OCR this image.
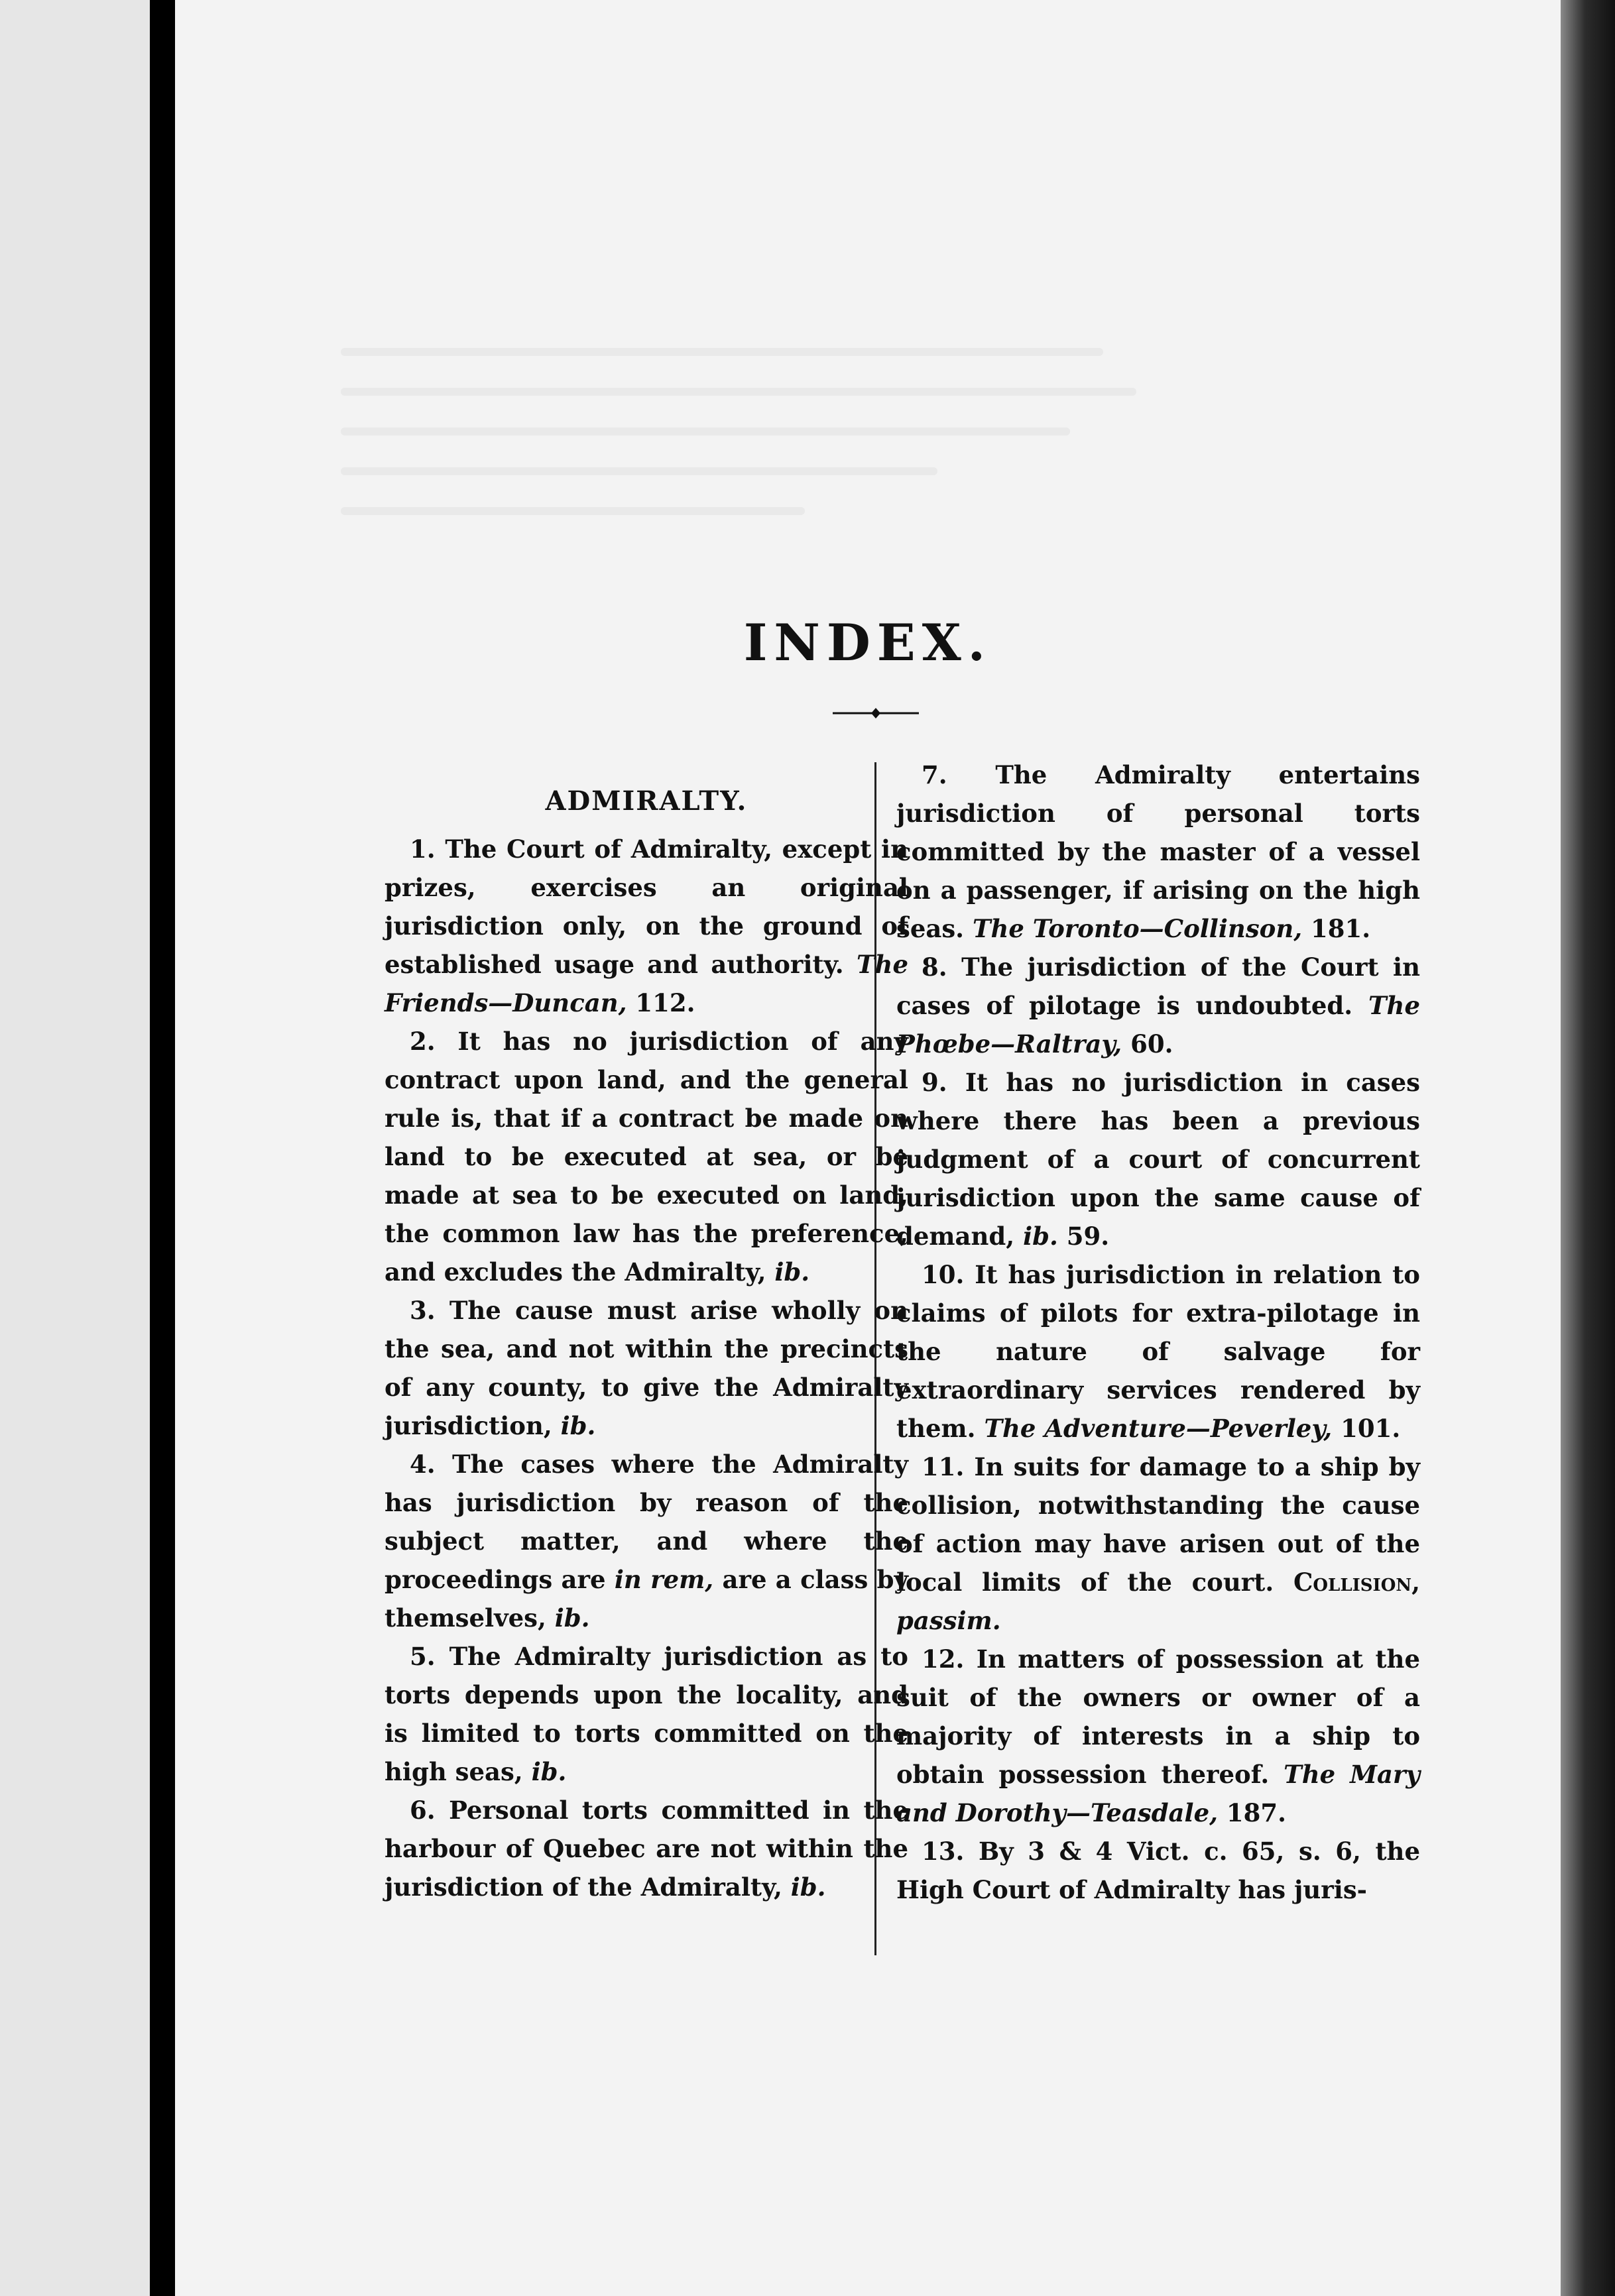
INDEX.
ADMIRALTY.

1. The Court of Admiralty, except in prizes, exercises an original jurisdiction only, on the ground of established usage and authority. The Friends—Duncan, 112.

2. It has no jurisdiction of any contract upon land, and the general rule is, that if a contract be made on land to be executed at sea, or be made at sea to be executed on land, the common law has the preference, and excludes the Admiralty, ib.

3. The cause must arise wholly on the sea, and not within the precincts of any county, to give the Admiralty jurisdiction, ib.

4. The cases where the Admiralty has jurisdiction by reason of the subject matter, and where the proceedings are in rem, are a class by themselves, ib.

5. The Admiralty jurisdiction as to torts depends upon the locality, and is limited to torts committed on the high seas, ib.

6. Personal torts committed in the harbour of Quebec are not within the jurisdiction of the Admiralty, ib.

7. The Admiralty entertains jurisdiction of personal torts committed by the master of a vessel on a passenger, if arising on the high seas. The Toronto—Collinson, 181.

8. The jurisdiction of the Court in cases of pilotage is undoubted. The Phœbe—Raltray, 60.

9. It has no jurisdiction in cases where there has been a previous judgment of a court of concurrent jurisdiction upon the same cause of demand, ib. 59.

10. It has jurisdiction in relation to claims of pilots for extra-pilotage in the nature of salvage for extraordinary services rendered by them. The Adventure—Peverley, 101.

11. In suits for damage to a ship by collision, notwithstanding the cause of action may have arisen out of the local limits of the court. Collision, passim.

12. In matters of possession at the suit of the owners or owner of a majority of interests in a ship to obtain possession thereof. The Mary and Dorothy—Teasdale, 187.

13. By 3 & 4 Vict. c. 65, s. 6, the High Court of Admiralty has juris-
